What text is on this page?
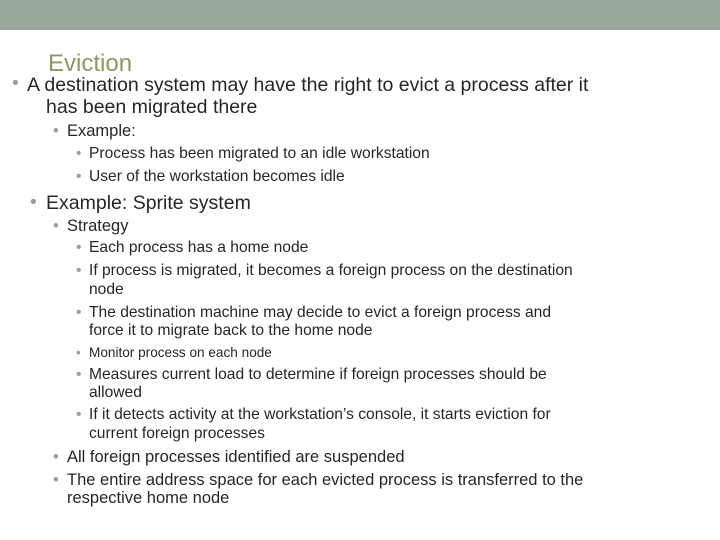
Eviction
• A destination system may have the right to evict a process after it
has been migrated there
• Example:
• Process has been migrated to an idle workstation
• User of the workstation becomes idle
• Example: Sprite system
• Strategy
• Each process has a home node
• If process is migrated, it becomes a foreign process on the destination
node
• The destination machine may decide to evict a foreign process and
force it to migrate back to the home node
• Monitor process on each node
• Measures current load to determine if foreign processes should be
allowed
• If it detects activity at the workstation’s console, it starts eviction for
current foreign processes
• All foreign processes identified are suspended
• The entire address space for each evicted process is transferred to the
respective home node
